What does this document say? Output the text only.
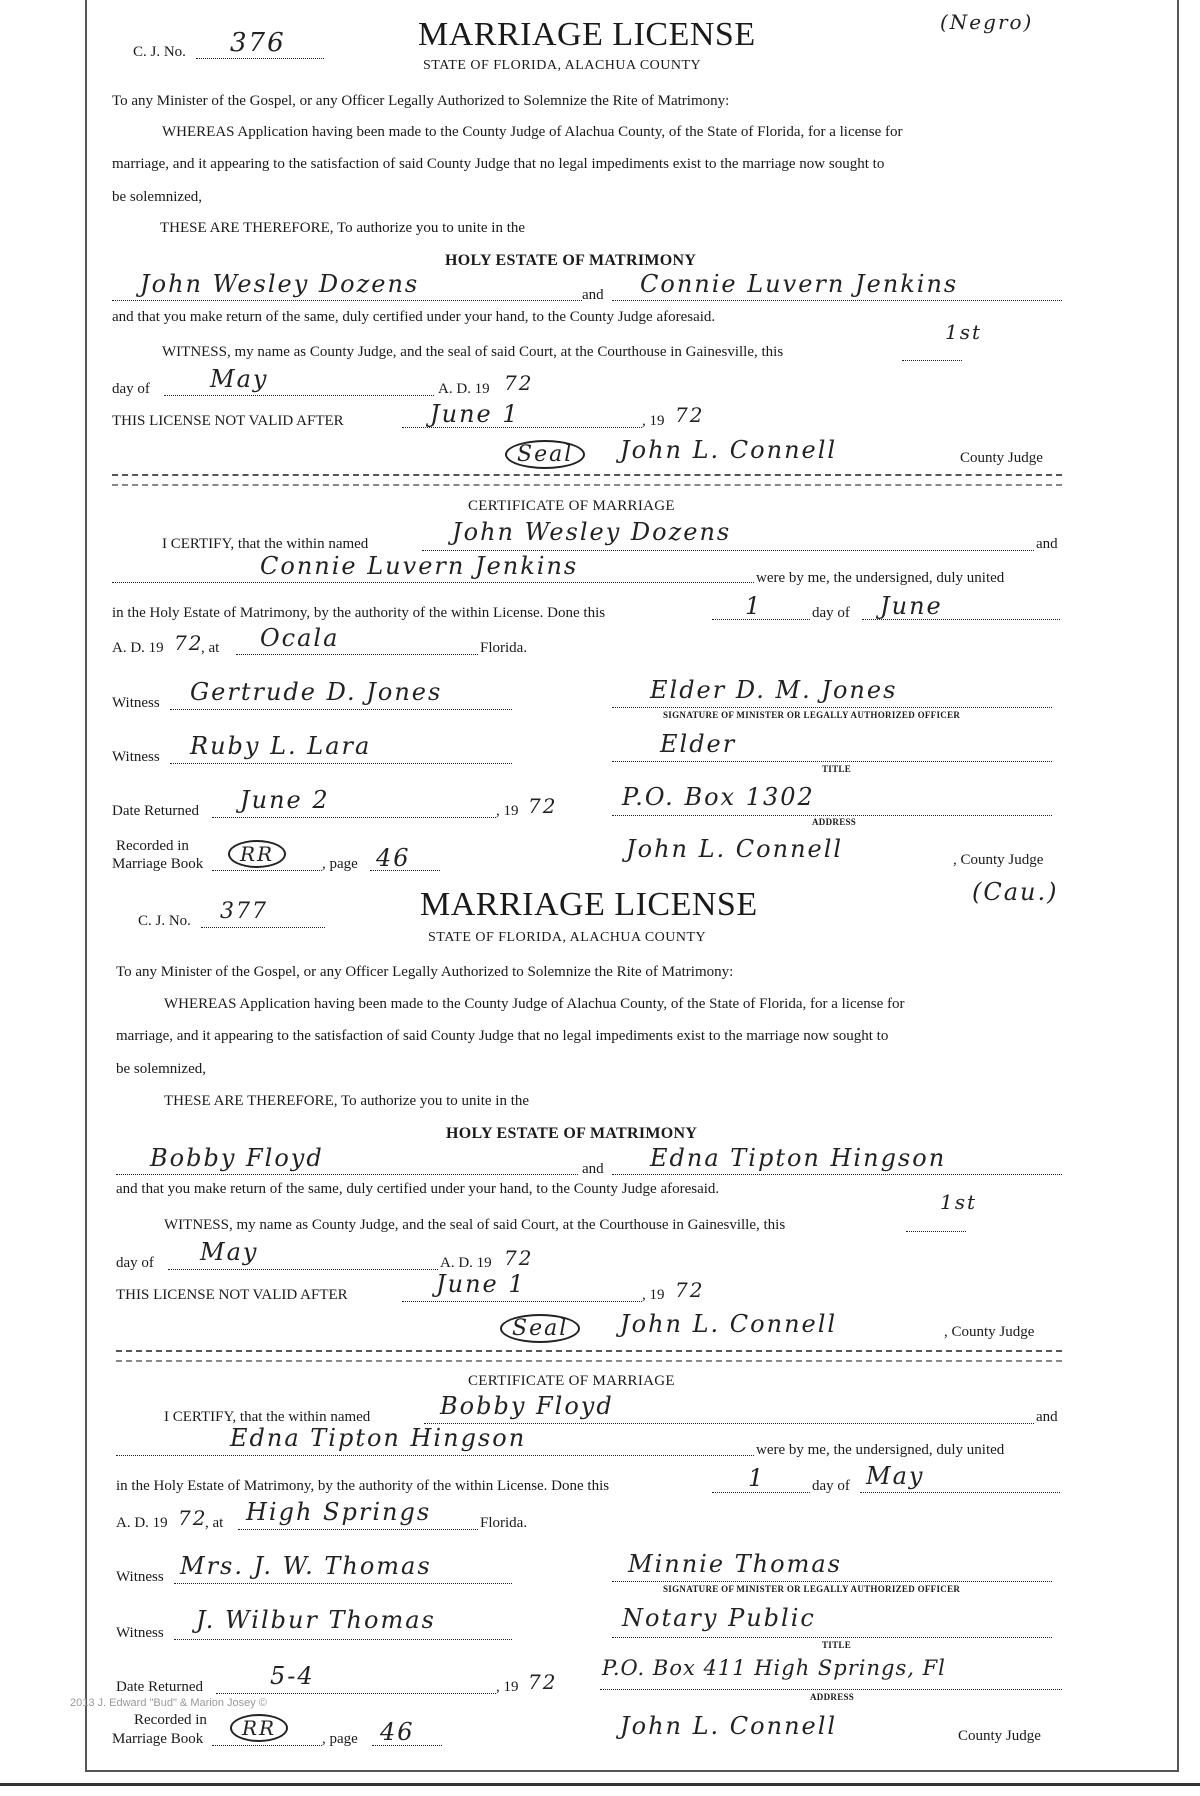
C. J. No. 376	MARRIAGE LICENSE
STATE OF FLORIDA, ALACHUA COUNTY
(Negro)
To any Minister of the Gospel, or any Officer Legally Authorized to Solemnize the Rite of Matrimony:
WHEREAS Application having been made to the County Judge of Alachua County, of the State of Florida, for a license for
marriage, and it appearing to the satisfaction of said County Judge that no legal impediments exist to the marriage now sought to
be solemnized,
THESE ARE THEREFORE, To authorize you to unite in the
HOLY ESTATE OF MATRIMONY
John Wesley Dozens	and Connie Luvern Jenkins
and that you make return of the same, duly certified under your hand, to the County Judge aforesaid.
WITNESS, my name as County Judge, and the seal of said Court, at the Courthouse in Gainesville, this
1st
day of	May	A. D. 19 72
THIS LICENSE NOT VALID AFTER	June 1	, 19 72
Seal	John L. Connell	County Judge
CERTIFICATE OF MARRIAGE
I CERTIFY, that the within named	John Wesley Dozens	and
Connie Luvern Jenkins	were by me, the undersigned, duly united
in the Holy Estate of Matrimony, by the authority of the within License. Done this	1	day of June
A. D. 19 72
, at Ocala	Florida.
Witness Gertrude D. Jones	Elder D. M. Jones
SIGNATURE OF MINISTER OR LEGALLY AUTHORIZED OFFICER
Witness Ruby L. Lara	Elder
TITLE
Date Returned June 2	, 19 72	P.O. Box 1302
ADDRESS
Recorded in
Marriage Book	RR	, page 46	John L. Connell	, County Judge
C. J. No. 377	MARRIAGE LICENSE
STATE OF FLORIDA, ALACHUA COUNTY
(Cau.)
To any Minister of the Gospel, or any Officer Legally Authorized to Solemnize the Rite of Matrimony:
WHEREAS Application having been made to the County Judge of Alachua County, of the State of Florida, for a license for
marriage, and it appearing to the satisfaction of said County Judge that no legal impediments exist to the marriage now sought to
be solemnized,
THESE ARE THEREFORE, To authorize you to unite in the
HOLY ESTATE OF MATRIMONY
Bobby Floyd	and Edna Tipton Hingson
and that you make return of the same, duly certified under your hand, to the County Judge aforesaid.
WITNESS, my name as County Judge, and the seal of said Court, at the Courthouse in Gainesville, this
1st
day of May	A. D. 19 72
THIS LICENSE NOT VALID AFTER	June 1	, 19 72
Seal	John L. Connell	, County Judge
CERTIFICATE OF MARRIAGE
I CERTIFY, that the within named	Bobby Floyd	and
Edna Tipton Hingson	were by me, the undersigned, duly united
in the Holy Estate of Matrimony, by the authority of the within License. Done this	1	day of May
A. D. 19 72
, at High Springs	Florida.
Witness Mrs. J. W. Thomas	Minnie Thomas
SIGNATURE OF MINISTER OR LEGALLY AUTHORIZED OFFICER
Witness J. Wilbur Thomas	Notary Public
TITLE
Date Returned	5-4	, 19 72
P.O. Box 411 High Springs, Fl
ADDRESS
2013 J. Edward "Bud" & Marion Josey ©
Recorded in
Marriage Book	RR	, page 46	John L. Connell	County Judge
